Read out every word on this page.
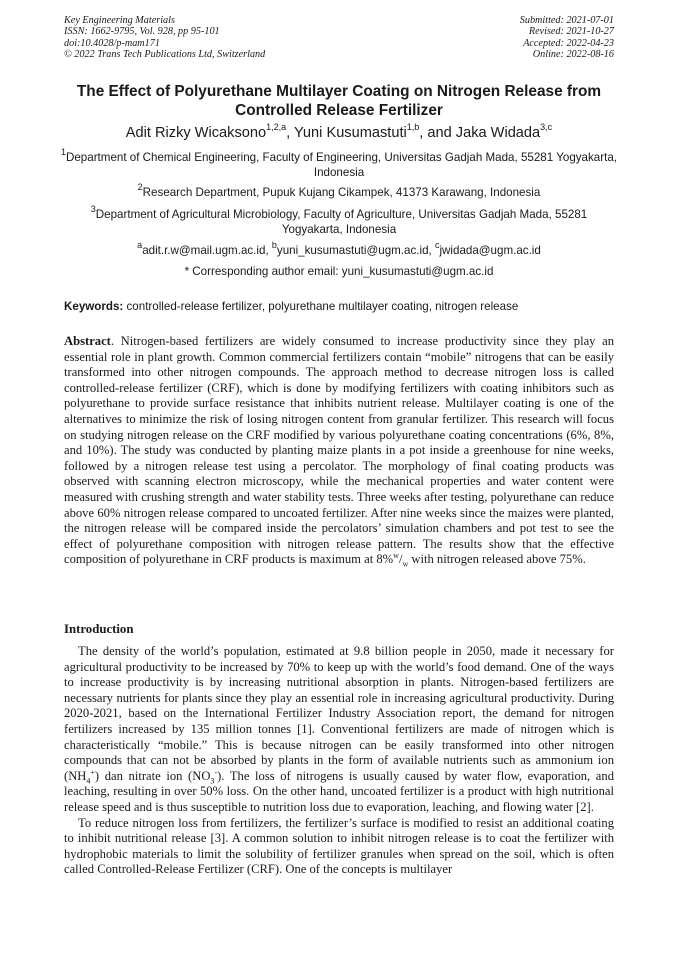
Key Engineering Materials
ISSN: 1662-9795, Vol. 928, pp 95-101
doi:10.4028/p-mam171
© 2022 Trans Tech Publications Ltd, Switzerland
Submitted: 2021-07-01
Revised: 2021-10-27
Accepted: 2022-04-23
Online: 2022-08-16
The Effect of Polyurethane Multilayer Coating on Nitrogen Release from Controlled Release Fertilizer
Adit Rizky Wicaksono$^{1,2,a}$, Yuni Kusumastuti$^{1,b}$, and Jaka Widada$^{3,c}$
$^1$Department of Chemical Engineering, Faculty of Engineering, Universitas Gadjah Mada, 55281 Yogyakarta, Indonesia
$^2$Research Department, Pupuk Kujang Cikampek, 41373 Karawang, Indonesia
$^3$Department of Agricultural Microbiology, Faculty of Agriculture, Universitas Gadjah Mada, 55281 Yogyakarta, Indonesia
$^a$adit.r.w@mail.ugm.ac.id, $^b$yuni_kusumastuti@ugm.ac.id, $^c$jwidada@ugm.ac.id
* Corresponding author email: yuni_kusumastuti@ugm.ac.id
Keywords: controlled-release fertilizer, polyurethane multilayer coating, nitrogen release
Abstract. Nitrogen-based fertilizers are widely consumed to increase productivity since they play an essential role in plant growth. Common commercial fertilizers contain “mobile” nitrogens that can be easily transformed into other nitrogen compounds. The approach method to decrease nitrogen loss is called controlled-release fertilizer (CRF), which is done by modifying fertilizers with coating inhibitors such as polyurethane to provide surface resistance that inhibits nutrient release. Multilayer coating is one of the alternatives to minimize the risk of losing nitrogen content from granular fertilizer. This research will focus on studying nitrogen release on the CRF modified by various polyurethane coating concentrations (6%, 8%, and 10%). The study was conducted by planting maize plants in a pot inside a greenhouse for nine weeks, followed by a nitrogen release test using a percolator. The morphology of final coating products was observed with scanning electron microscopy, while the mechanical properties and water content were measured with crushing strength and water stability tests. Three weeks after testing, polyurethane can reduce above 60% nitrogen release compared to uncoated fertilizer. After nine weeks since the maizes were planted, the nitrogen release will be compared inside the percolators’ simulation chambers and pot test to see the effect of polyurethane composition with nitrogen release pattern. The results show that the effective composition of polyurethane in CRF products is maximum at $8\%^w/_w$ with nitrogen released above 75%.
Introduction

The density of the world’s population, estimated at 9.8 billion people in 2050, made it necessary for agricultural productivity to be increased by 70% to keep up with the world’s food demand. One of the ways to increase productivity is by increasing nutritional absorption in plants. Nitrogen-based fertilizers are necessary nutrients for plants since they play an essential role in increasing agricultural productivity. During 2020-2021, based on the International Fertilizer Industry Association report, the demand for nitrogen fertilizers increased by 135 million tonnes [1]. Conventional fertilizers are made of nitrogen which is characteristically “mobile.” This is because nitrogen can be easily transformed into other nitrogen compounds that can not be absorbed by plants in the form of available nutrients such as ammonium ion $(NH_4^+)$ dan nitrate ion $(NO_3^-)$. The loss of nitrogens is usually caused by water flow, evaporation, and leaching, resulting in over 50% loss. On the other hand, uncoated fertilizer is a product with high nutritional release speed and is thus susceptible to nutrition loss due to evaporation, leaching, and flowing water [2].

To reduce nitrogen loss from fertilizers, the fertilizer’s surface is modified to resist an additional coating to inhibit nutritional release [3]. A common solution to inhibit nitrogen release is to coat the fertilizer with hydrophobic materials to limit the solubility of fertilizer granules when spread on the soil, which is often called Controlled-Release Fertilizer (CRF). One of the concepts is multilayer
